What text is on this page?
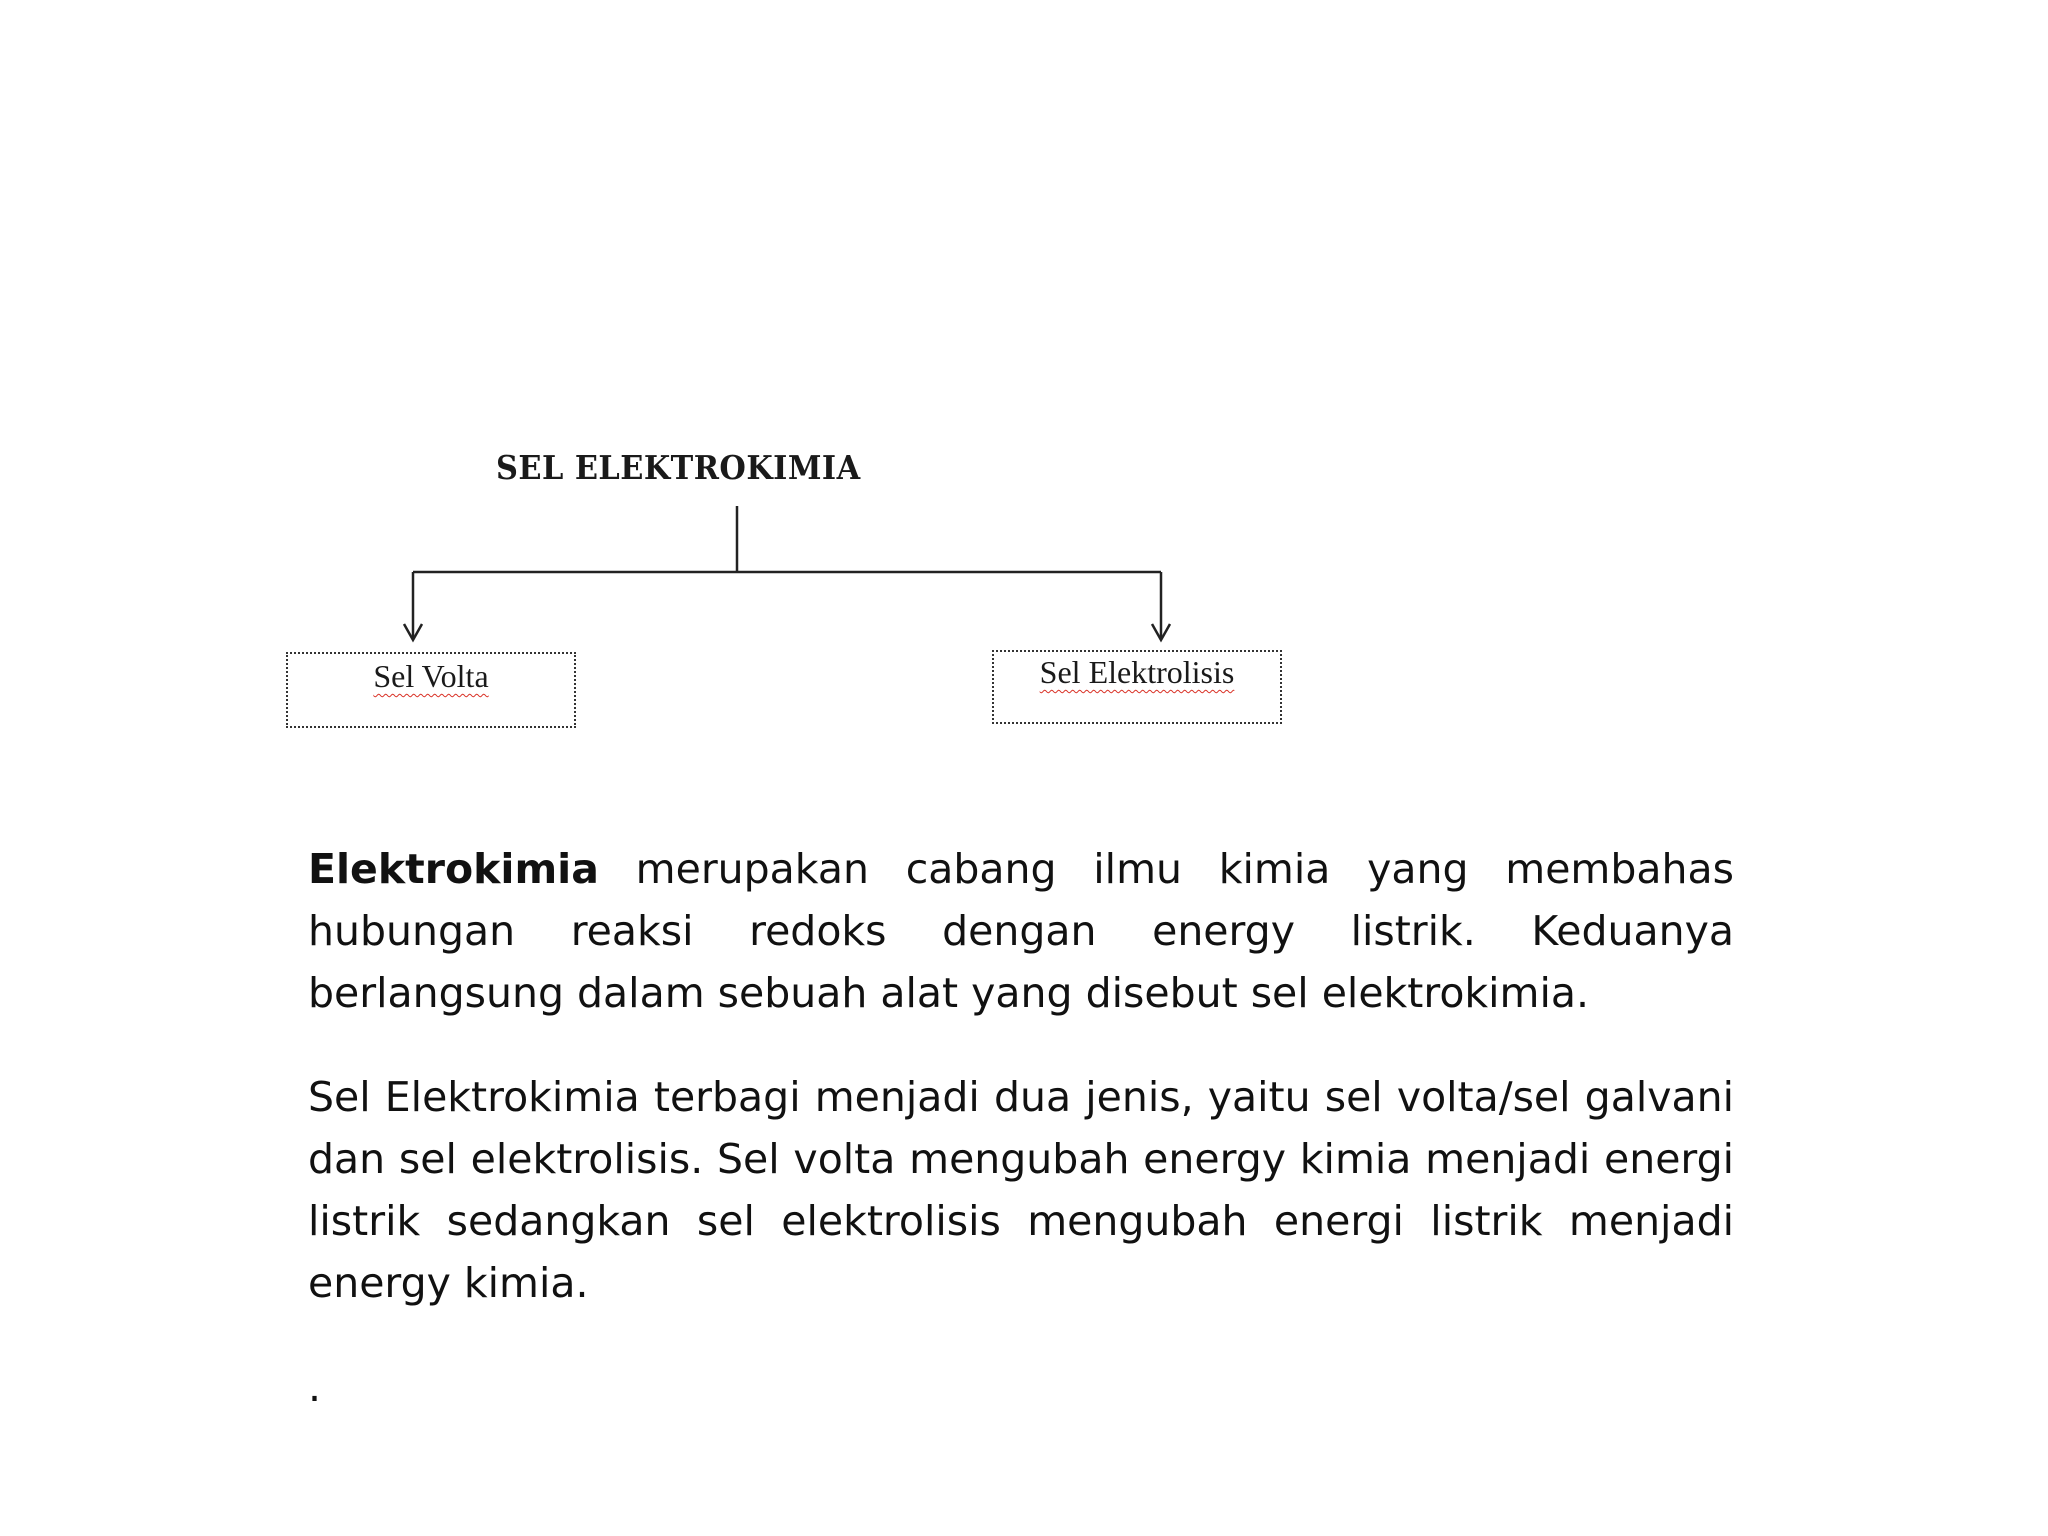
SEL ELEKTROKIMIA
Sel Volta	Sel Elektrolisis

Elektrokimia merupakan cabang ilmu kimia yang membahas hubungan reaksi redoks dengan energy listrik. Keduanya berlangsung dalam sebuah alat yang disebut sel elektrokimia.

Sel Elektrokimia terbagi menjadi dua jenis, yaitu sel volta/sel galvani dan sel elektrolisis. Sel volta mengubah energy kimia menjadi energi listrik sedangkan sel elektrolisis mengubah energi listrik menjadi energy kimia.

.
